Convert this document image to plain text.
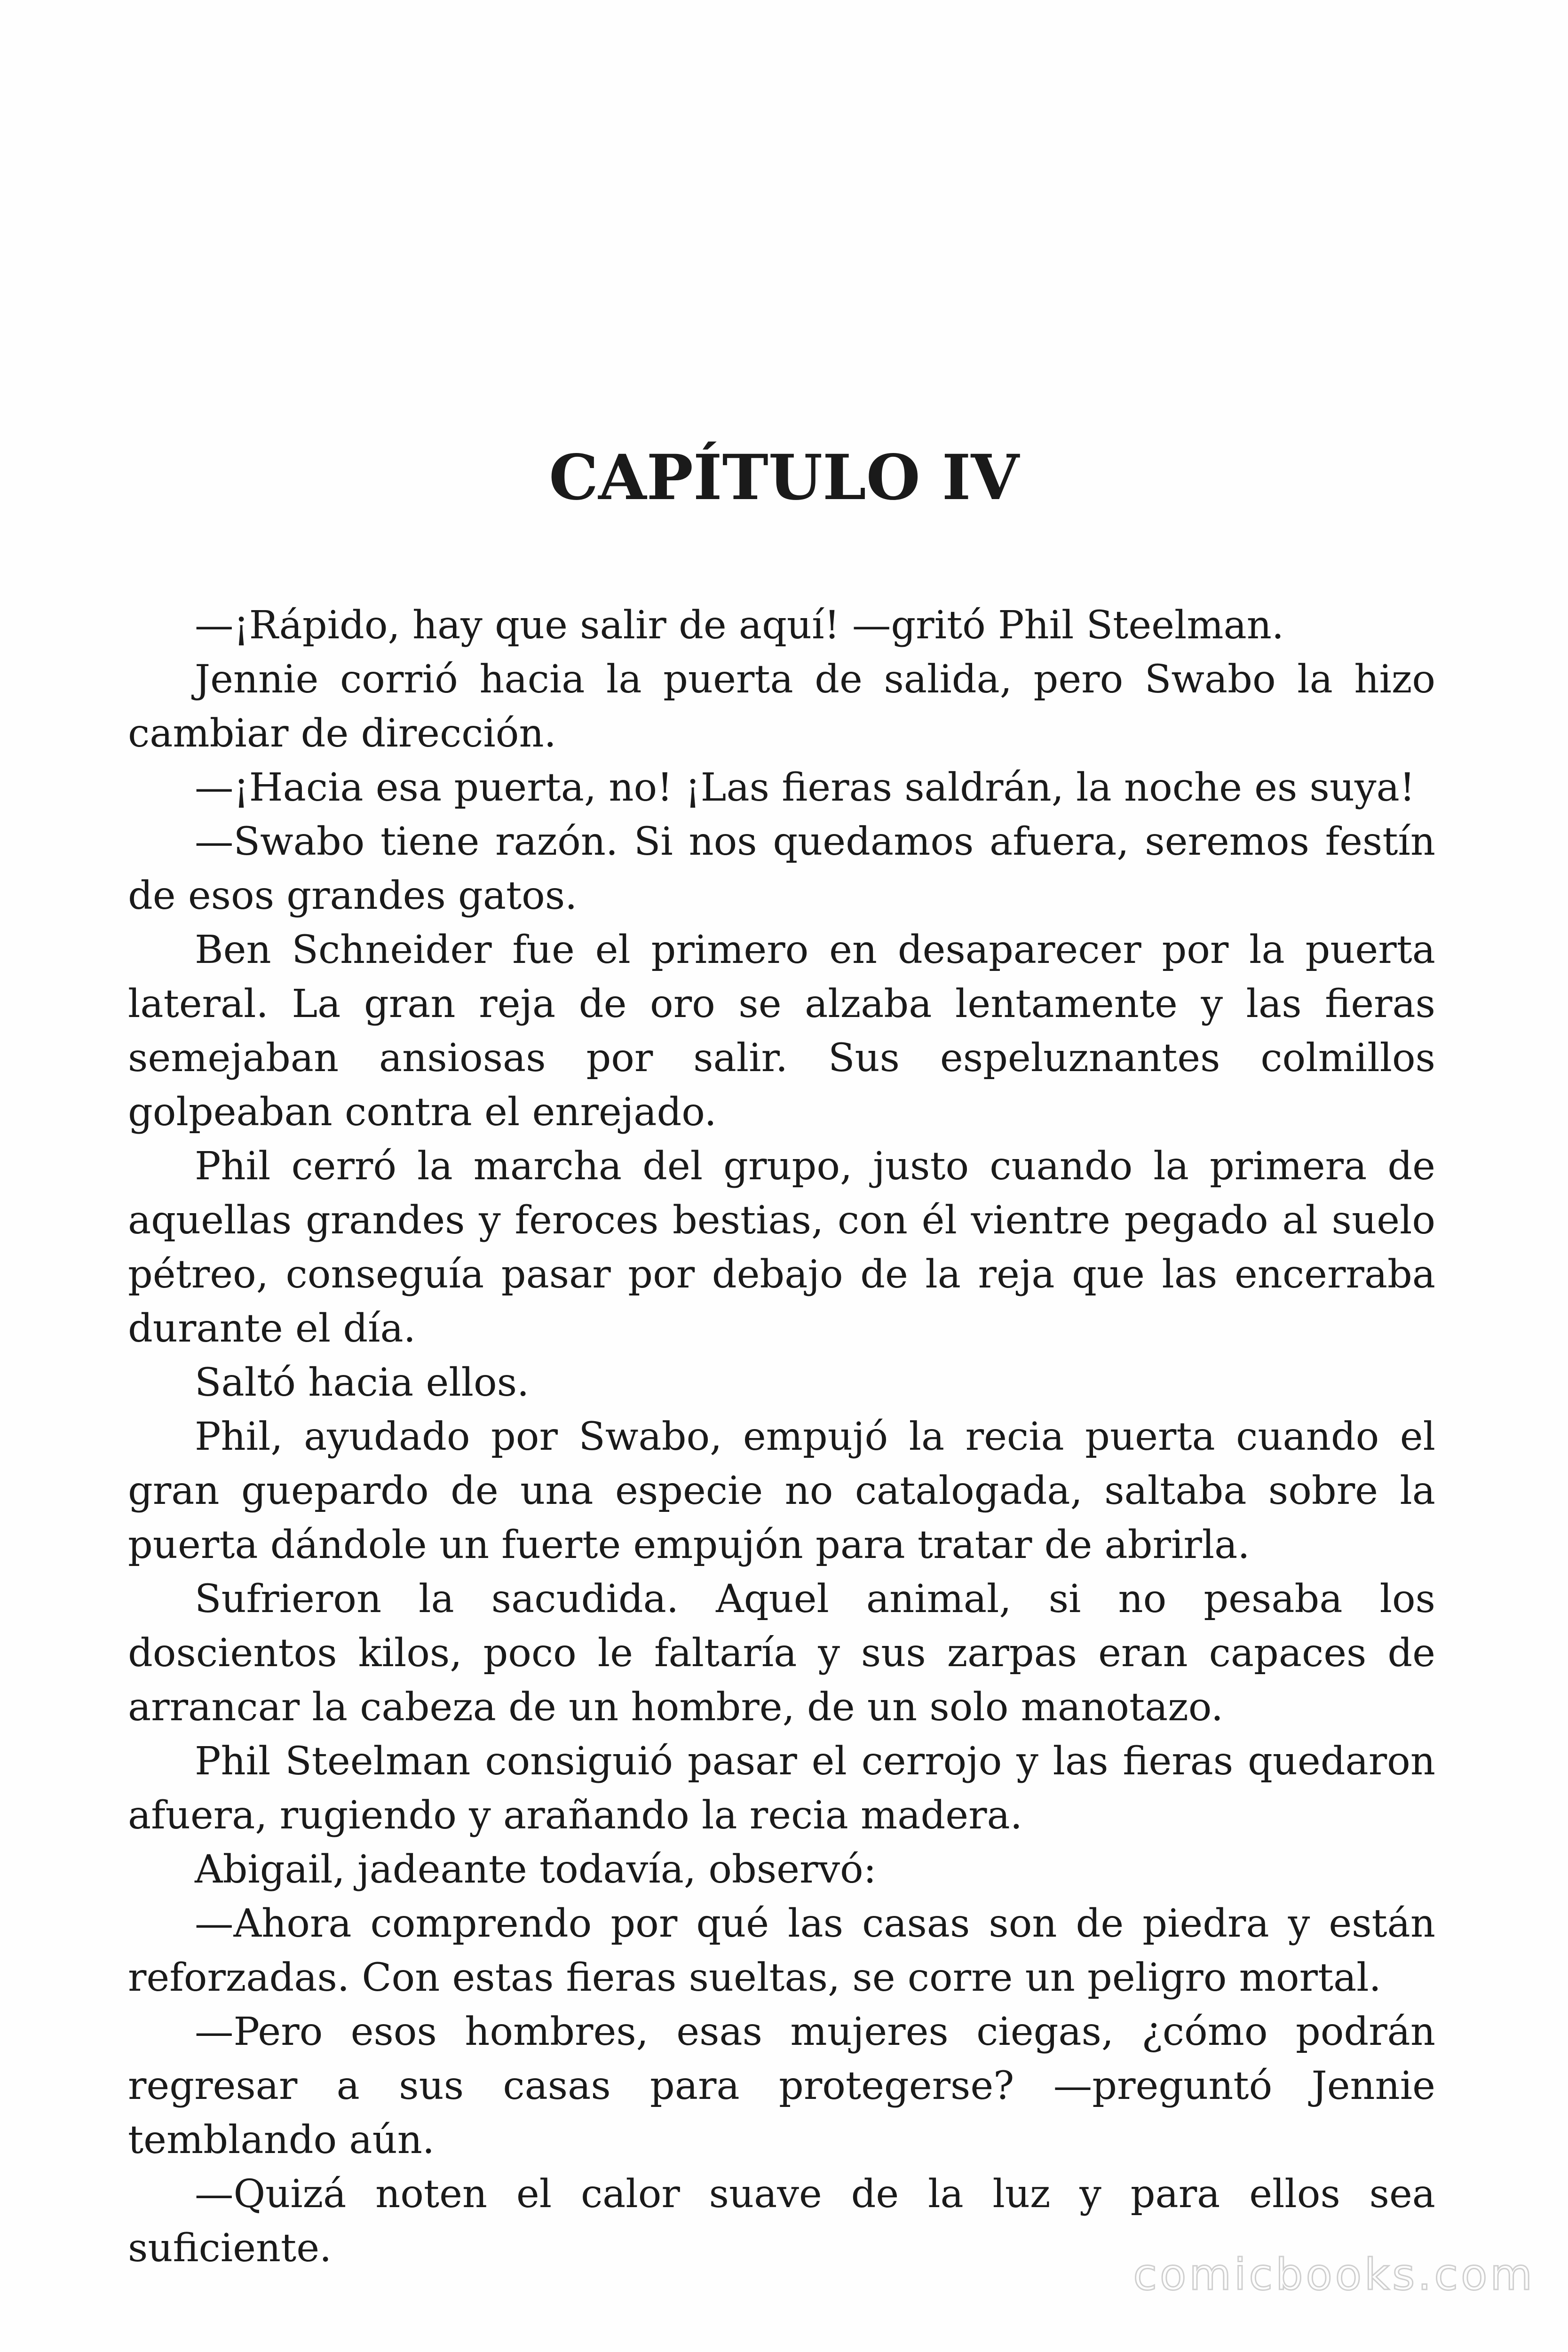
CAPÍTULO IV

—¡Rápido, hay que salir de aquí! —gritó Phil Steelman.

Jennie corrió hacia la puerta de salida, pero Swabo la hizo cambiar de dirección.

—¡Hacia esa puerta, no! ¡Las fieras saldrán, la noche es suya!

—Swabo tiene razón. Si nos quedamos afuera, seremos festín de esos grandes gatos.

Ben Schneider fue el primero en desaparecer por la puerta lateral. La gran reja de oro se alzaba lentamente y las fieras semejaban ansiosas por salir. Sus espeluznantes colmillos golpeaban contra el enrejado.

Phil cerró la marcha del grupo, justo cuando la primera de aquellas grandes y feroces bestias, con él vientre pegado al suelo pétreo, conseguía pasar por debajo de la reja que las encerraba durante el día.

Saltó hacia ellos.

Phil, ayudado por Swabo, empujó la recia puerta cuando el gran guepardo de una especie no catalogada, saltaba sobre la puerta dándole un fuerte empujón para tratar de abrirla.

Sufrieron la sacudida. Aquel animal, si no pesaba los doscientos kilos, poco le faltaría y sus zarpas eran capaces de arrancar la cabeza de un hombre, de un solo manotazo.

Phil Steelman consiguió pasar el cerrojo y las fieras quedaron afuera, rugiendo y arañando la recia madera.

Abigail, jadeante todavía, observó:

—Ahora comprendo por qué las casas son de piedra y están reforzadas. Con estas fieras sueltas, se corre un peligro mortal.

—Pero esos hombres, esas mujeres ciegas, ¿cómo podrán regresar a sus casas para protegerse? —preguntó Jennie temblando aún.

—Quizá noten el calor suave de la luz y para ellos sea suficiente.

comicbooks.com
